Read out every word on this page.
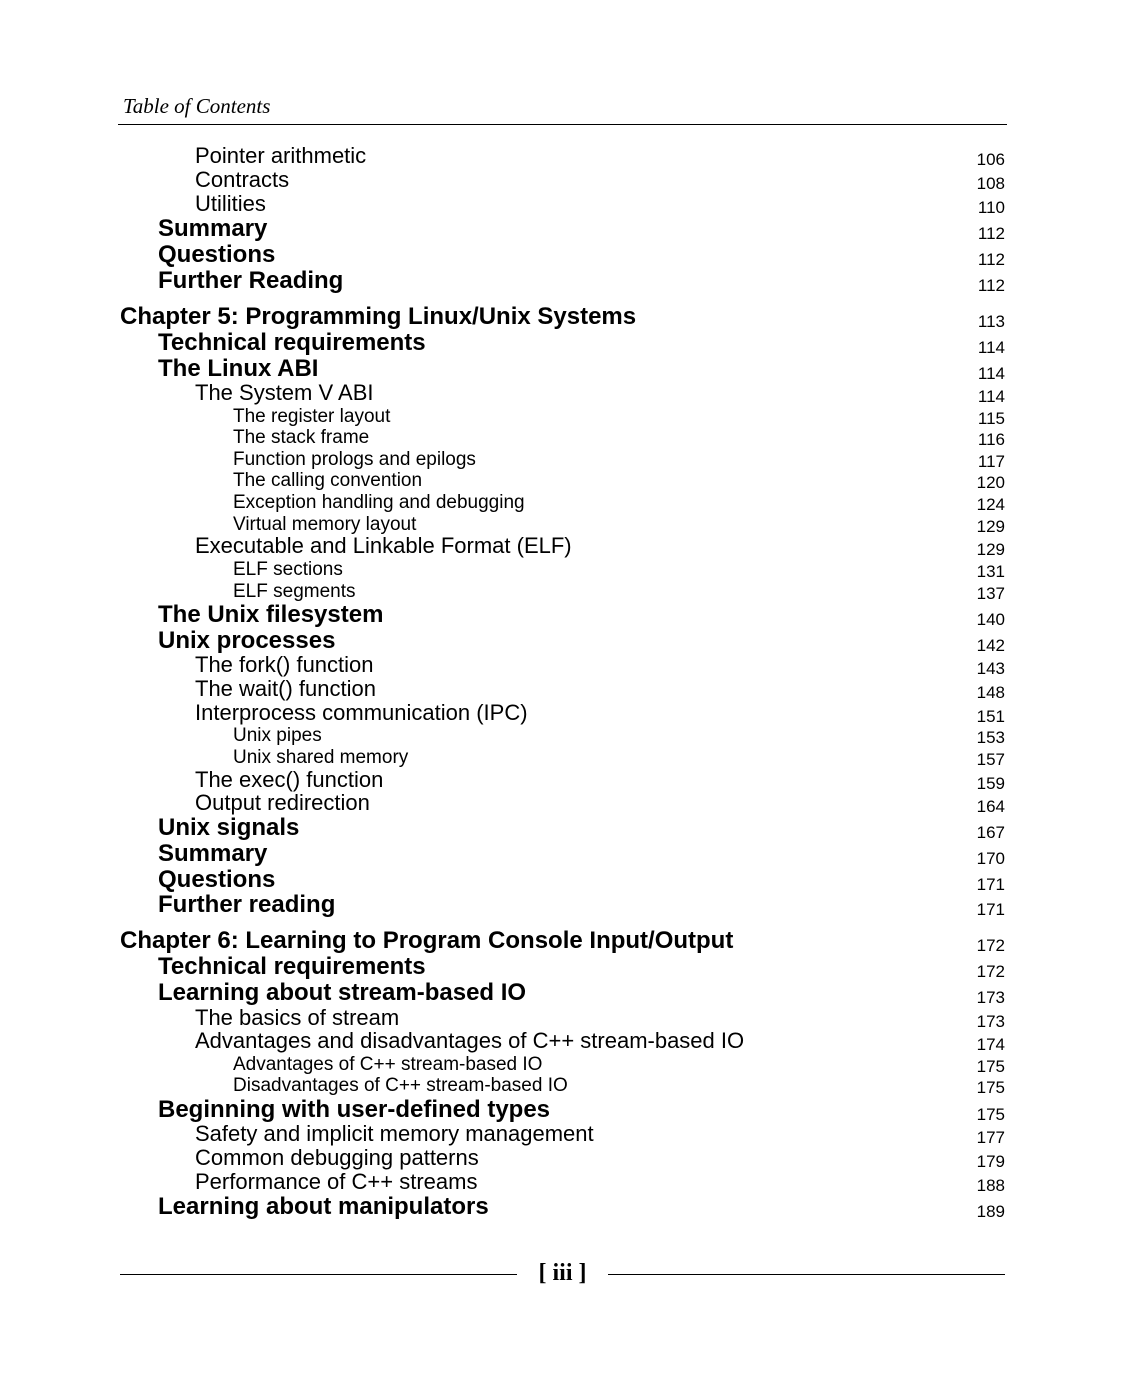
Table of Contents
Pointer arithmetic	106
Contracts	108
Utilities	110
Summary	112
Questions	112
Further Reading	112
Chapter 5: Programming Linux/Unix Systems	113
Technical requirements	114
The Linux ABI	114
The System V ABI	114
The register layout	115
The stack frame	116
Function prologs and epilogs	117
The calling convention	120
Exception handling and debugging	124
Virtual memory layout	129
Executable and Linkable Format (ELF)	129
ELF sections	131
ELF segments	137
The Unix filesystem	140
Unix processes	142
The fork() function	143
The wait() function	148
Interprocess communication (IPC)	151
Unix pipes	153
Unix shared memory	157
The exec() function	159
Output redirection	164
Unix signals	167
Summary	170
Questions	171
Further reading	171
Chapter 6: Learning to Program Console Input/Output	172
Technical requirements	172
Learning about stream-based IO	173
The basics of stream	173
Advantages and disadvantages of C++ stream-based IO	174
Advantages of C++ stream-based IO	175
Disadvantages of C++ stream-based IO	175
Beginning with user-defined types	175
Safety and implicit memory management	177
Common debugging patterns	179
Performance of C++ streams	188
Learning about manipulators	189
[ iii ]
